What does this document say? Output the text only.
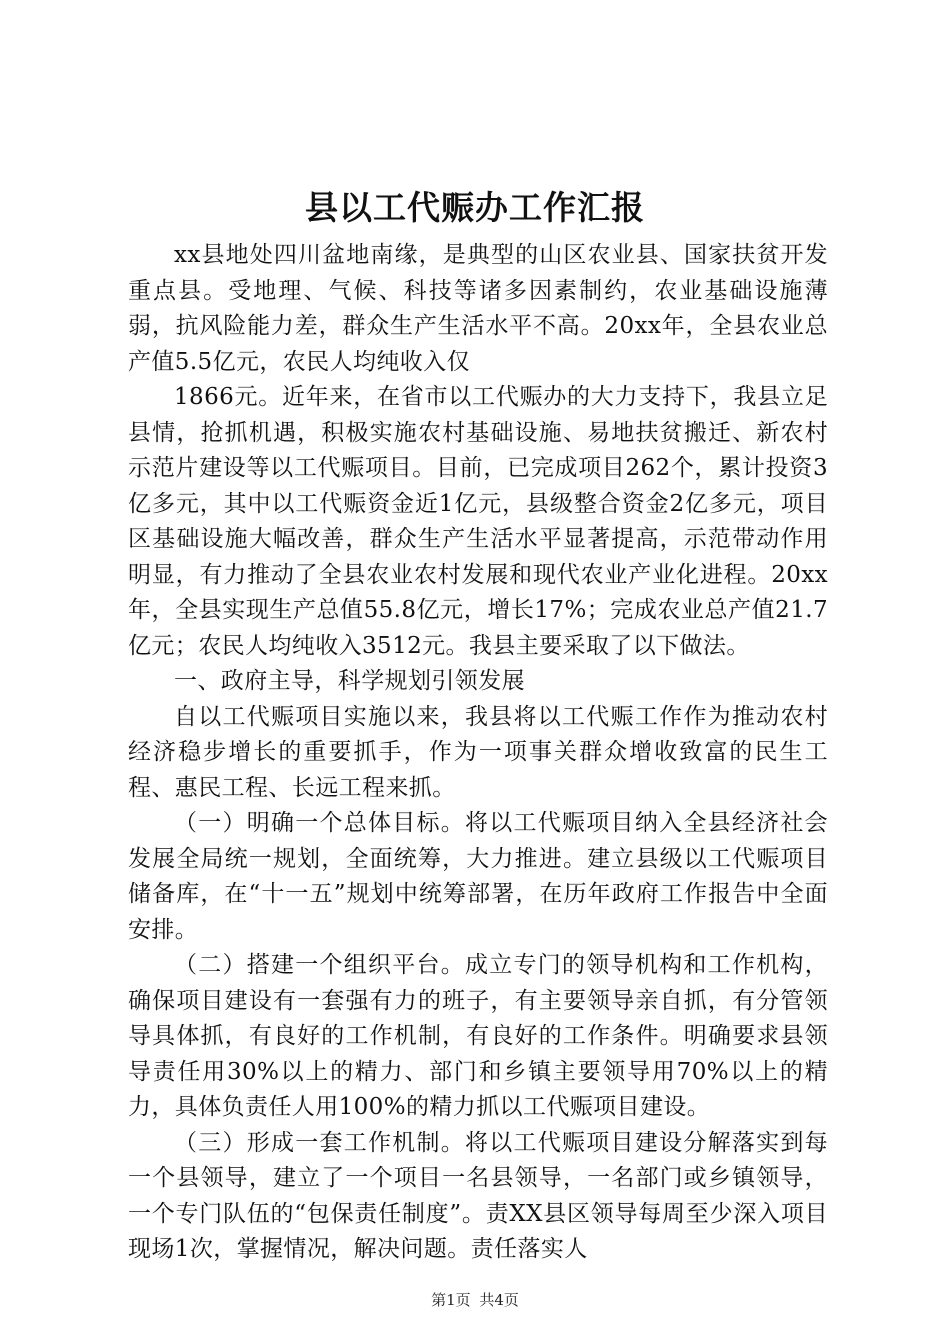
县以工代赈办工作汇报

xx县地处四川盆地南缘，是典型的山区农业县、国家扶贫开发重点县。受地理、气候、科技等诸多因素制约，农业基础设施薄弱，抗风险能力差，群众生产生活水平不高。20xx年，全县农业总产值5.5亿元，农民人均纯收入仅

1866元。近年来，在省市以工代赈办的大力支持下，我县立足县情，抢抓机遇，积极实施农村基础设施、易地扶贫搬迁、新农村示范片建设等以工代赈项目。目前，已完成项目262个，累计投资3亿多元，其中以工代赈资金近1亿元，县级整合资金2亿多元，项目区基础设施大幅改善，群众生产生活水平显著提高，示范带动作用明显，有力推动了全县农业农村发展和现代农业产业化进程。20xx年，全县实现生产总值55.8亿元，增长17%；完成农业总产值21.7亿元；农民人均纯收入3512元。我县主要采取了以下做法。

一、政府主导，科学规划引领发展

自以工代赈项目实施以来，我县将以工代赈工作作为推动农村经济稳步增长的重要抓手，作为一项事关群众增收致富的民生工程、惠民工程、长远工程来抓。

（一）明确一个总体目标。将以工代赈项目纳入全县经济社会发展全局统一规划，全面统筹，大力推进。建立县级以工代赈项目储备库，在“十一五”规划中统筹部署，在历年政府工作报告中全面安排。

（二）搭建一个组织平台。成立专门的领导机构和工作机构，确保项目建设有一套强有力的班子，有主要领导亲自抓，有分管领导具体抓，有良好的工作机制，有良好的工作条件。明确要求县领导责任用30%以上的精力、部门和乡镇主要领导用70%以上的精力，具体负责任人用100%的精力抓以工代赈项目建设。

（三）形成一套工作机制。将以工代赈项目建设分解落实到每一个县领导，建立了一个项目一名县领导，一名部门或乡镇领导，一个专门队伍的“包保责任制度”。责XX县区领导每周至少深入项目现场1次，掌握情况，解决问题。责任落实人

第1页 共4页
